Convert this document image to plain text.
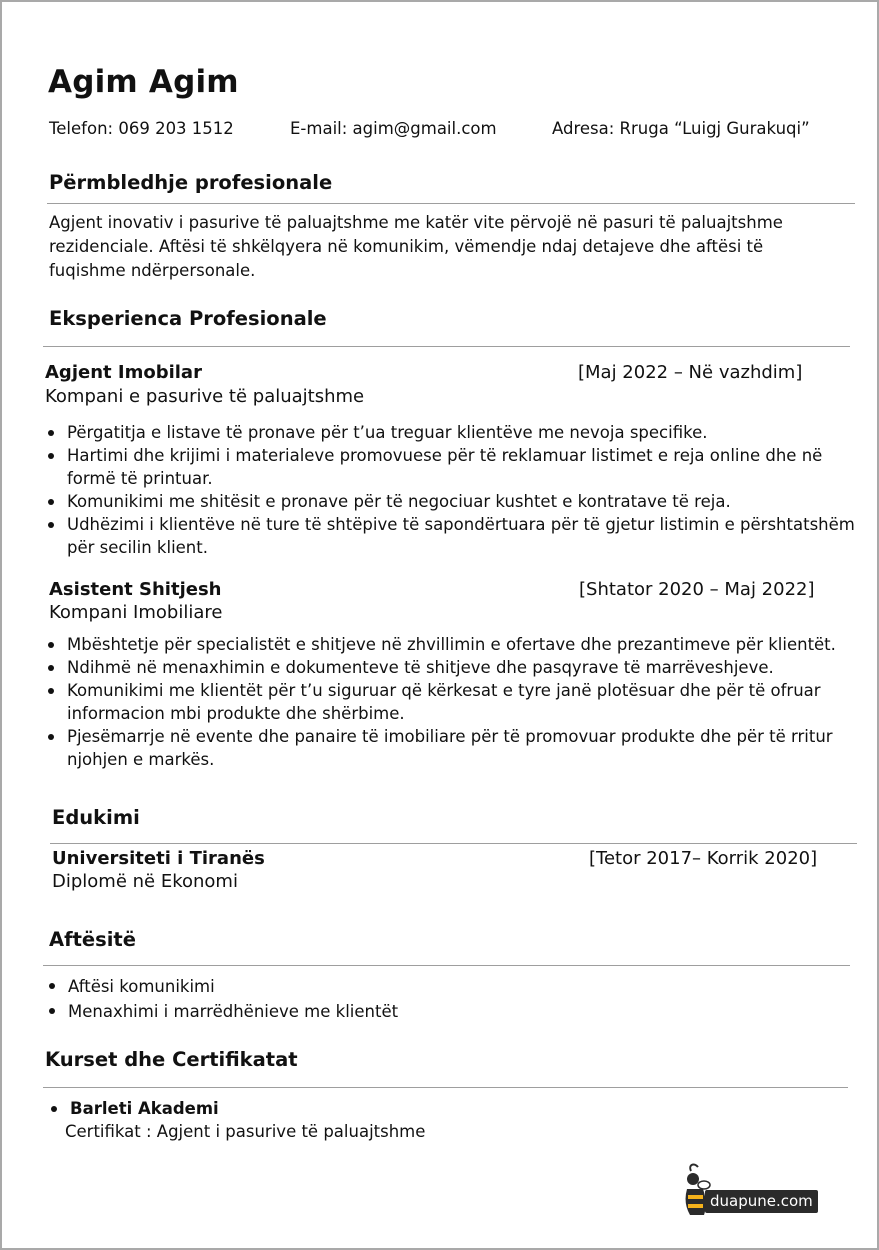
Agim Agim
Telefon: 069 203 1512	E-mail: agim@gmail.com	Adresa: Rruga “Luigj Gurakuqi”
Përmbledhje profesionale
Agjent inovativ i pasurive të paluajtshme me katër vite përvojë në pasuri të paluajtshme
rezidenciale. Aftësi të shkëlqyera në komunikim, vëmendje ndaj detajeve dhe aftësi të
fuqishme ndërpersonale.
Eksperienca Profesionale
Agjent Imobilar	[Maj 2022 – Në vazhdim]
Kompani e pasurive të paluajtshme
Përgatitja e listave të pronave për t’ua treguar klientëve me nevoja specifike.
Hartimi dhe krijimi i materialeve promovuese për të reklamuar listimet e reja online dhe në
formë të printuar.
Komunikimi me shitësit e pronave për të negociuar kushtet e kontratave të reja.
Udhëzimi i klientëve në ture të shtëpive të sapondërtuara për të gjetur listimin e përshtatshëm
për secilin klient.
Asistent Shitjesh	[Shtator 2020 – Maj 2022]
Kompani Imobiliare
Mbështetje për specialistët e shitjeve në zhvillimin e ofertave dhe prezantimeve për klientët.
Ndihmë në menaxhimin e dokumenteve të shitjeve dhe pasqyrave të marrëveshjeve.
Komunikimi me klientët për t’u siguruar që kërkesat e tyre janë plotësuar dhe për të ofruar
informacion mbi produkte dhe shërbime.
Pjesëmarrje në evente dhe panaire të imobiliare për të promovuar produkte dhe për të rritur
njohjen e markës.
Edukimi
Universiteti i Tiranës	[Tetor 2017– Korrik 2020]
Diplomë në Ekonomi
Aftësitë
Aftësi komunikimi
Menaxhimi i marrëdhënieve me klientët
Kurset dhe Certifikatat
Barleti Akademi
Certifikat : Agjent i pasurive të paluajtshme
duapune.com
